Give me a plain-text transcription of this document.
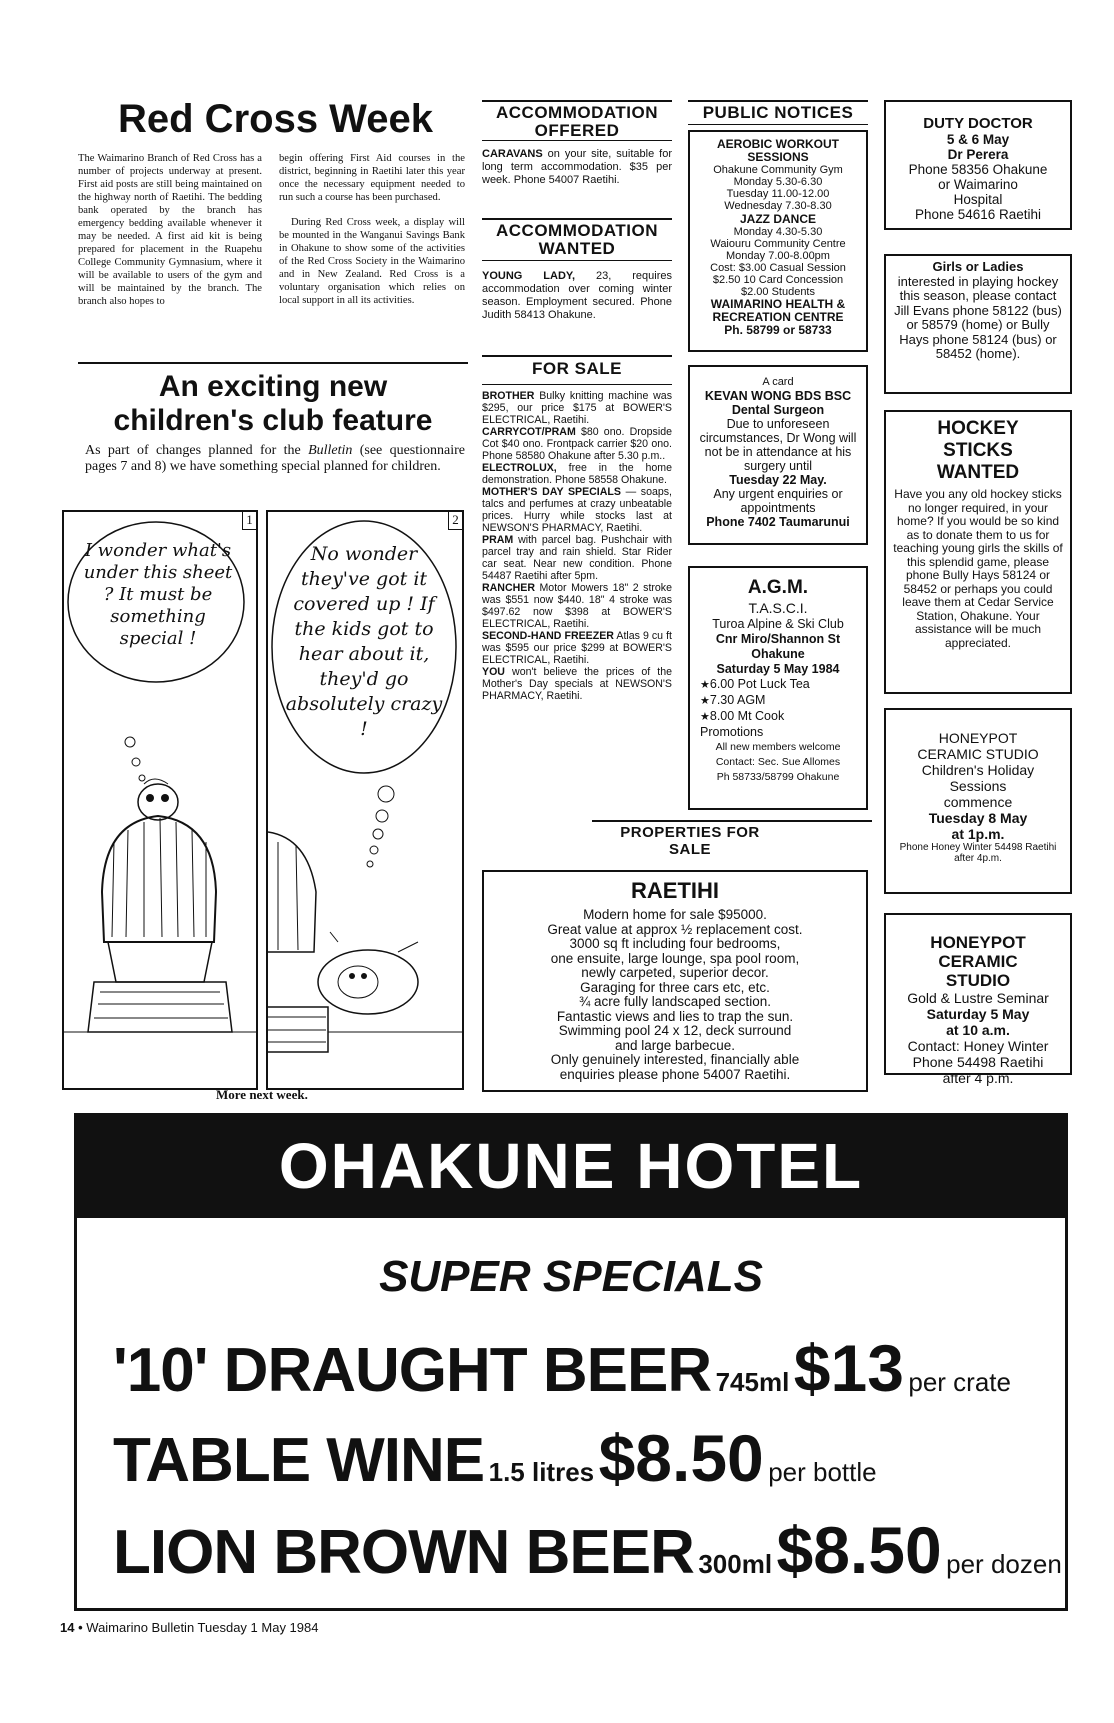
Red Cross Week
The Waimarino Branch of Red Cross has a number of projects underway at present. First aid posts are still being maintained on the highway north of Raetihi. The bedding bank operated by the branch has emergency bedding available whenever it may be needed. A first aid kit is being prepared for placement in the Ruapehu College Community Gymnasium, where it will be available to users of the gym and will be maintained by the branch. The branch also hopes to

begin offering First Aid courses in the district, beginning in Raetihi later this year once the necessary equipment needed to run such a course has been purchased.

During Red Cross week, a display will be mounted in the Wanganui Savings Bank in Ohakune to show some of the activities of the Red Cross Society in the Waimarino and in New Zealand. Red Cross is a voluntary organisation which relies on local support in all its activities.

An exciting new
children's club feature
As part of changes planned for the Bulletin (see questionnaire pages 7 and 8) we have something special planned for children.
1
I wonder what's under this sheet ? It must be something special !
2
No wonder they've got it covered up ! If the kids got to hear about it, they'd go absolutely crazy !
More next week.
ACCOMMODATION OFFERED
CARAVANS on your site, suitable for long term accommodation. $35 per week. Phone 54007 Raetihi.
ACCOMMODATION WANTED
YOUNG LADY, 23, requires accommodation over coming winter season. Employment secured. Phone Judith 58413 Ohakune.
FOR SALE

BROTHER Bulky knitting machine was $295, our price $175 at BOWER'S ELECTRICAL, Raetihi.

CARRYCOT/PRAM $80 ono. Dropside Cot $40 ono. Frontpack carrier $20 ono. Phone 58580 Ohakune after 5.30 p.m..

ELECTROLUX, free in the home demonstration. Phone 58558 Ohakune.

MOTHER'S DAY SPECIALS — soaps, talcs and perfumes at crazy unbeatable prices. Hurry while stocks last at NEWSON'S PHARMACY, Raetihi.

PRAM with parcel bag. Pushchair with parcel tray and rain shield. Star Rider car seat. Near new condition. Phone 54487 Raetihi after 5pm.

RANCHER Motor Mowers 18" 2 stroke was $551 now $440. 18" 4 stroke was $497.62 now $398 at BOWER'S ELECTRICAL, Raetihi.

SECOND-HAND FREEZER Atlas 9 cu ft was $595 our price $299 at BOWER'S ELECTRICAL, Raetihi.

YOU won't believe the prices of the Mother's Day specials at NEWSON'S PHARMACY, Raetihi.

PUBLIC NOTICES

AEROBIC WORKOUT SESSIONS

Ohakune Community Gym

Monday 5.30-6.30

Tuesday 11.00-12.00

Wednesday 7.30-8.30

JAZZ DANCE

Monday 4.30-5.30

Waiouru Community Centre

Monday 7.00-8.00pm

Cost: $3.00 Casual Session

$2.50 10 Card Concession

$2.00 Students

WAIMARINO HEALTH & RECREATION CENTRE

Ph. 58799 or 58733

A card

KEVAN WONG BDS BSC

Dental Surgeon

Due to unforeseen circumstances, Dr Wong will not be in attendance at his surgery until

Tuesday 22 May.

Any urgent enquiries or appointments

Phone 7402 Taumarunui

A.G.M.

T.A.S.C.I.

Turoa Alpine & Ski Club

Cnr Miro/Shannon St

Ohakune

Saturday 5 May 1984

★ 6.00 Pot Luck Tea

★ 7.30 AGM

★ 8.00 Mt Cook

Promotions

All new members welcome

Contact: Sec. Sue Allomes

Ph 58733/58799 Ohakune

DUTY DOCTOR

5 & 6 May

Dr Perera

Phone 58356 Ohakune

or Waimarino

Hospital

Phone 54616 Raetihi

Girls or Ladies

interested in playing hockey this season, please contact Jill Evans phone 58122 (bus) or 58579 (home) or Bully Hays phone 58124 (bus) or 58452 (home).

HOCKEY

STICKS

WANTED

Have you any old hockey sticks no longer required, in your home? If you would be so kind as to donate them to us for teaching young girls the skills of this splendid game, please phone Bully Hays 58124 or 58452 or perhaps you could leave them at Cedar Service Station, Ohakune. Your assistance will be much appreciated.

HONEYPOT

CERAMIC STUDIO

Children's Holiday

Sessions

commence

Tuesday 8 May

at 1p.m.

Phone Honey Winter 54498 Raetihi after 4p.m.

HONEYPOT

CERAMIC

STUDIO

Gold & Lustre Seminar

Saturday 5 May

at 10 a.m.

Contact: Honey Winter

Phone 54498 Raetihi

after 4 p.m.

PROPERTIES FOR SALE

RAETIHI

Modern home for sale $95000.

Great value at approx ½ replacement cost.

3000 sq ft including four bedrooms,

one ensuite, large lounge, spa pool room,

newly carpeted, superior decor.

Garaging for three cars etc, etc.

¾ acre fully landscaped section.

Fantastic views and lies to trap the sun.

Swimming pool 24 x 12, deck surround

and large barbecue.

Only genuinely interested, financially able

enquiries please phone 54007 Raetihi.

OHAKUNE HOTEL
SUPER SPECIALS
'10' DRAUGHT BEER 745ml $13 per crate
TABLE WINE 1.5 litres $8.50 per bottle
LION BROWN BEER 300ml $8.50 per dozen
14 • Waimarino Bulletin Tuesday 1 May 1984
